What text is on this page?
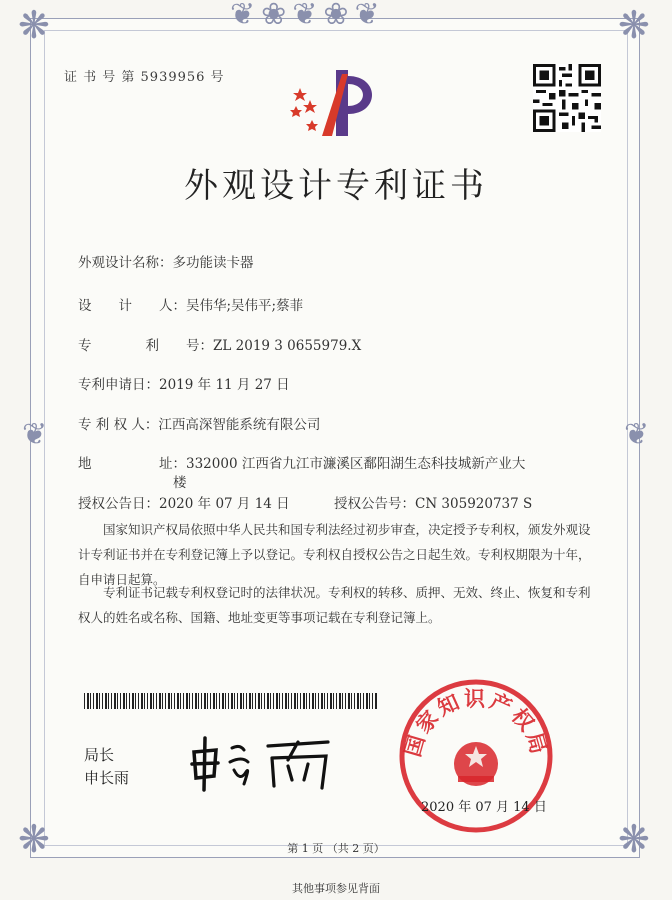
❦❀❦❀❦
❋	❋
❋	❋
❦	❦
证 书 号 第 5939956 号
外观设计专利证书
外观设计名称：多功能读卡器
设　　计　　人：吴伟华;吴伟平;蔡菲
专　　　　利　　号：ZL 2019 3 0655979.X
专利申请日：2019 年 11 月 27 日
专 利 权 人：江西高深智能系统有限公司
地　　　　　址：332000 江西省九江市濂溪区鄱阳湖生态科技城新产业大
楼
授权公告日：2020 年 07 月 14 日	授权公告号：CN 305920737 S
国家知识产权局依照中华人民共和国专利法经过初步审查，决定授予专利权，颁发外观设计专利证书并在专利登记簿上予以登记。专利权自授权公告之日起生效。专利权期限为十年，自申请日起算。
专利证书记载专利权登记时的法律状况。专利权的转移、质押、无效、终止、恢复和专利权人的姓名或名称、国籍、地址变更等事项记载在专利登记簿上。
局长
申长雨
国家知识产权局
2020 年 07 月 14 日
第 1 页 （共 2 页）
其他事项参见背面
